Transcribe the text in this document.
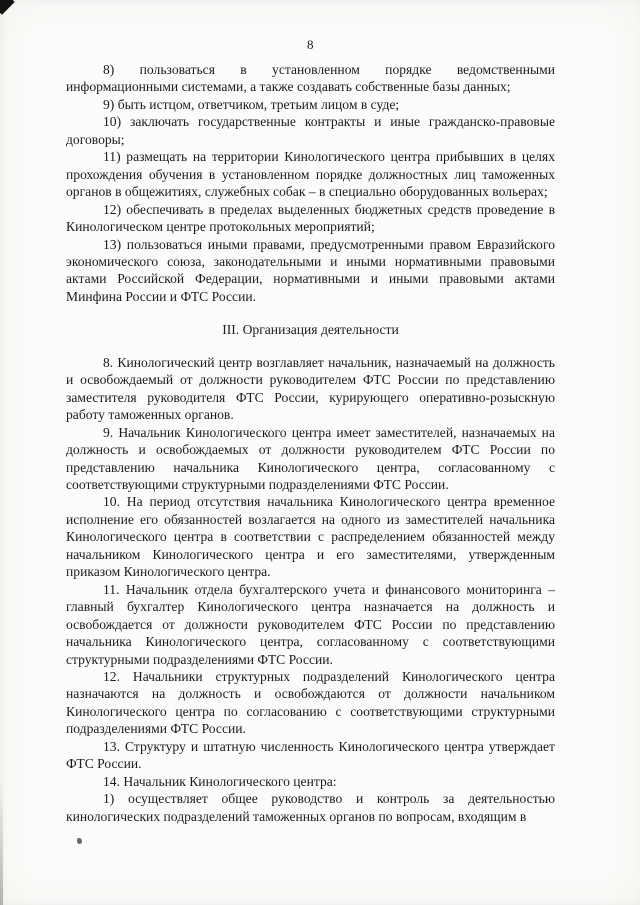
8

8) пользоваться в установленном порядке ведомственными информационными системами, а также создавать собственные базы данных;

9) быть истцом, ответчиком, третьим лицом в суде;

10) заключать государственные контракты и иные гражданско-правовые договоры;

11) размещать на территории Кинологического центра прибывших в целях прохождения обучения в установленном порядке должностных лиц таможенных органов в общежитиях, служебных собак – в специально оборудованных вольерах;

12) обеспечивать в пределах выделенных бюджетных средств проведение в Кинологическом центре протокольных мероприятий;

13) пользоваться иными правами, предусмотренными правом Евразийского экономического союза, законодательными и иными нормативными правовыми актами Российской Федерации, нормативными и иными правовыми актами Минфина России и ФТС России.

III. Организация деятельности

8. Кинологический центр возглавляет начальник, назначаемый на должность и освобождаемый от должности руководителем ФТС России по представлению заместителя руководителя ФТС России, курирующего оперативно-розыскную работу таможенных органов.

9. Начальник Кинологического центра имеет заместителей, назначаемых на должность и освобождаемых от должности руководителем ФТС России по представлению начальника Кинологического центра, согласованному с соответствующими структурными подразделениями ФТС России.

10. На период отсутствия начальника Кинологического центра временное исполнение его обязанностей возлагается на одного из заместителей начальника Кинологического центра в соответствии с распределением обязанностей между начальником Кинологического центра и его заместителями, утвержденным приказом Кинологического центра.

11. Начальник отдела бухгалтерского учета и финансового мониторинга – главный бухгалтер Кинологического центра назначается на должность и освобождается от должности руководителем ФТС России по представлению начальника Кинологического центра, согласованному с соответствующими структурными подразделениями ФТС России.

12. Начальники структурных подразделений Кинологического центра назначаются на должность и освобождаются от должности начальником Кинологического центра по согласованию с соответствующими структурными подразделениями ФТС России.

13. Структуру и штатную численность Кинологического центра утверждает ФТС России.

14. Начальник Кинологического центра:

1) осуществляет общее руководство и контроль за деятельностью кинологических подразделений таможенных органов по вопросам, входящим в
